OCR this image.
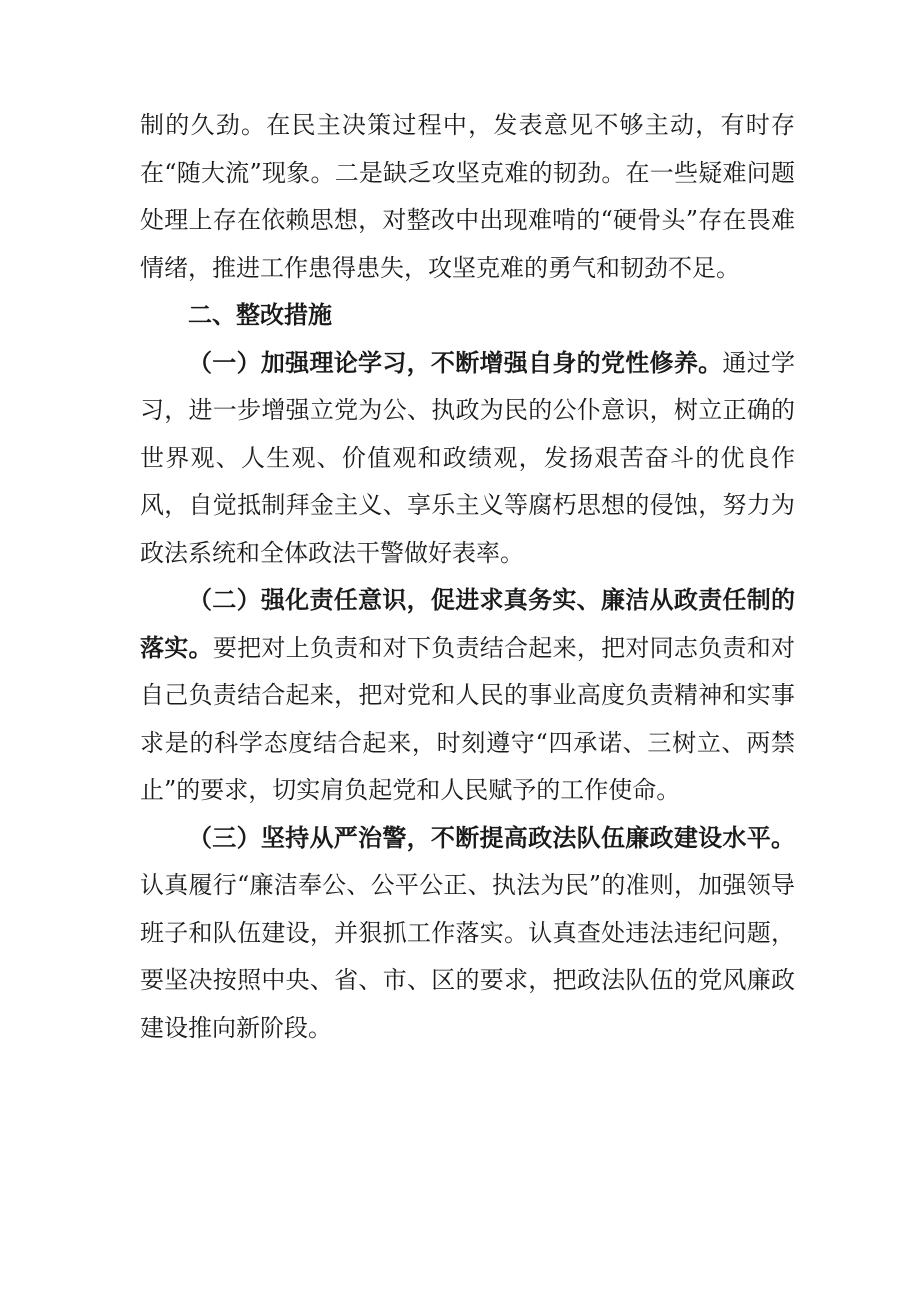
制的久劲。在民主决策过程中，发表意见不够主动，有时存在“随大流”现象。二是缺乏攻坚克难的韧劲。在一些疑难问题处理上存在依赖思想，对整改中出现难啃的“硬骨头”存在畏难情绪，推进工作患得患失，攻坚克难的勇气和韧劲不足。

二、整改措施

（一）加强理论学习，不断增强自身的党性修养。通过学习，进一步增强立党为公、执政为民的公仆意识，树立正确的世界观、人生观、价值观和政绩观，发扬艰苦奋斗的优良作风，自觉抵制拜金主义、享乐主义等腐朽思想的侵蚀，努力为政法系统和全体政法干警做好表率。

（二）强化责任意识，促进求真务实、廉洁从政责任制的落实。要把对上负责和对下负责结合起来，把对同志负责和对自己负责结合起来，把对党和人民的事业高度负责精神和实事求是的科学态度结合起来，时刻遵守“四承诺、三树立、两禁止”的要求，切实肩负起党和人民赋予的工作使命。

（三）坚持从严治警，不断提高政法队伍廉政建设水平。认真履行“廉洁奉公、公平公正、执法为民”的准则，加强领导班子和队伍建设，并狠抓工作落实。认真查处违法违纪问题，要坚决按照中央、省、市、区的要求，把政法队伍的党风廉政建设推向新阶段。
